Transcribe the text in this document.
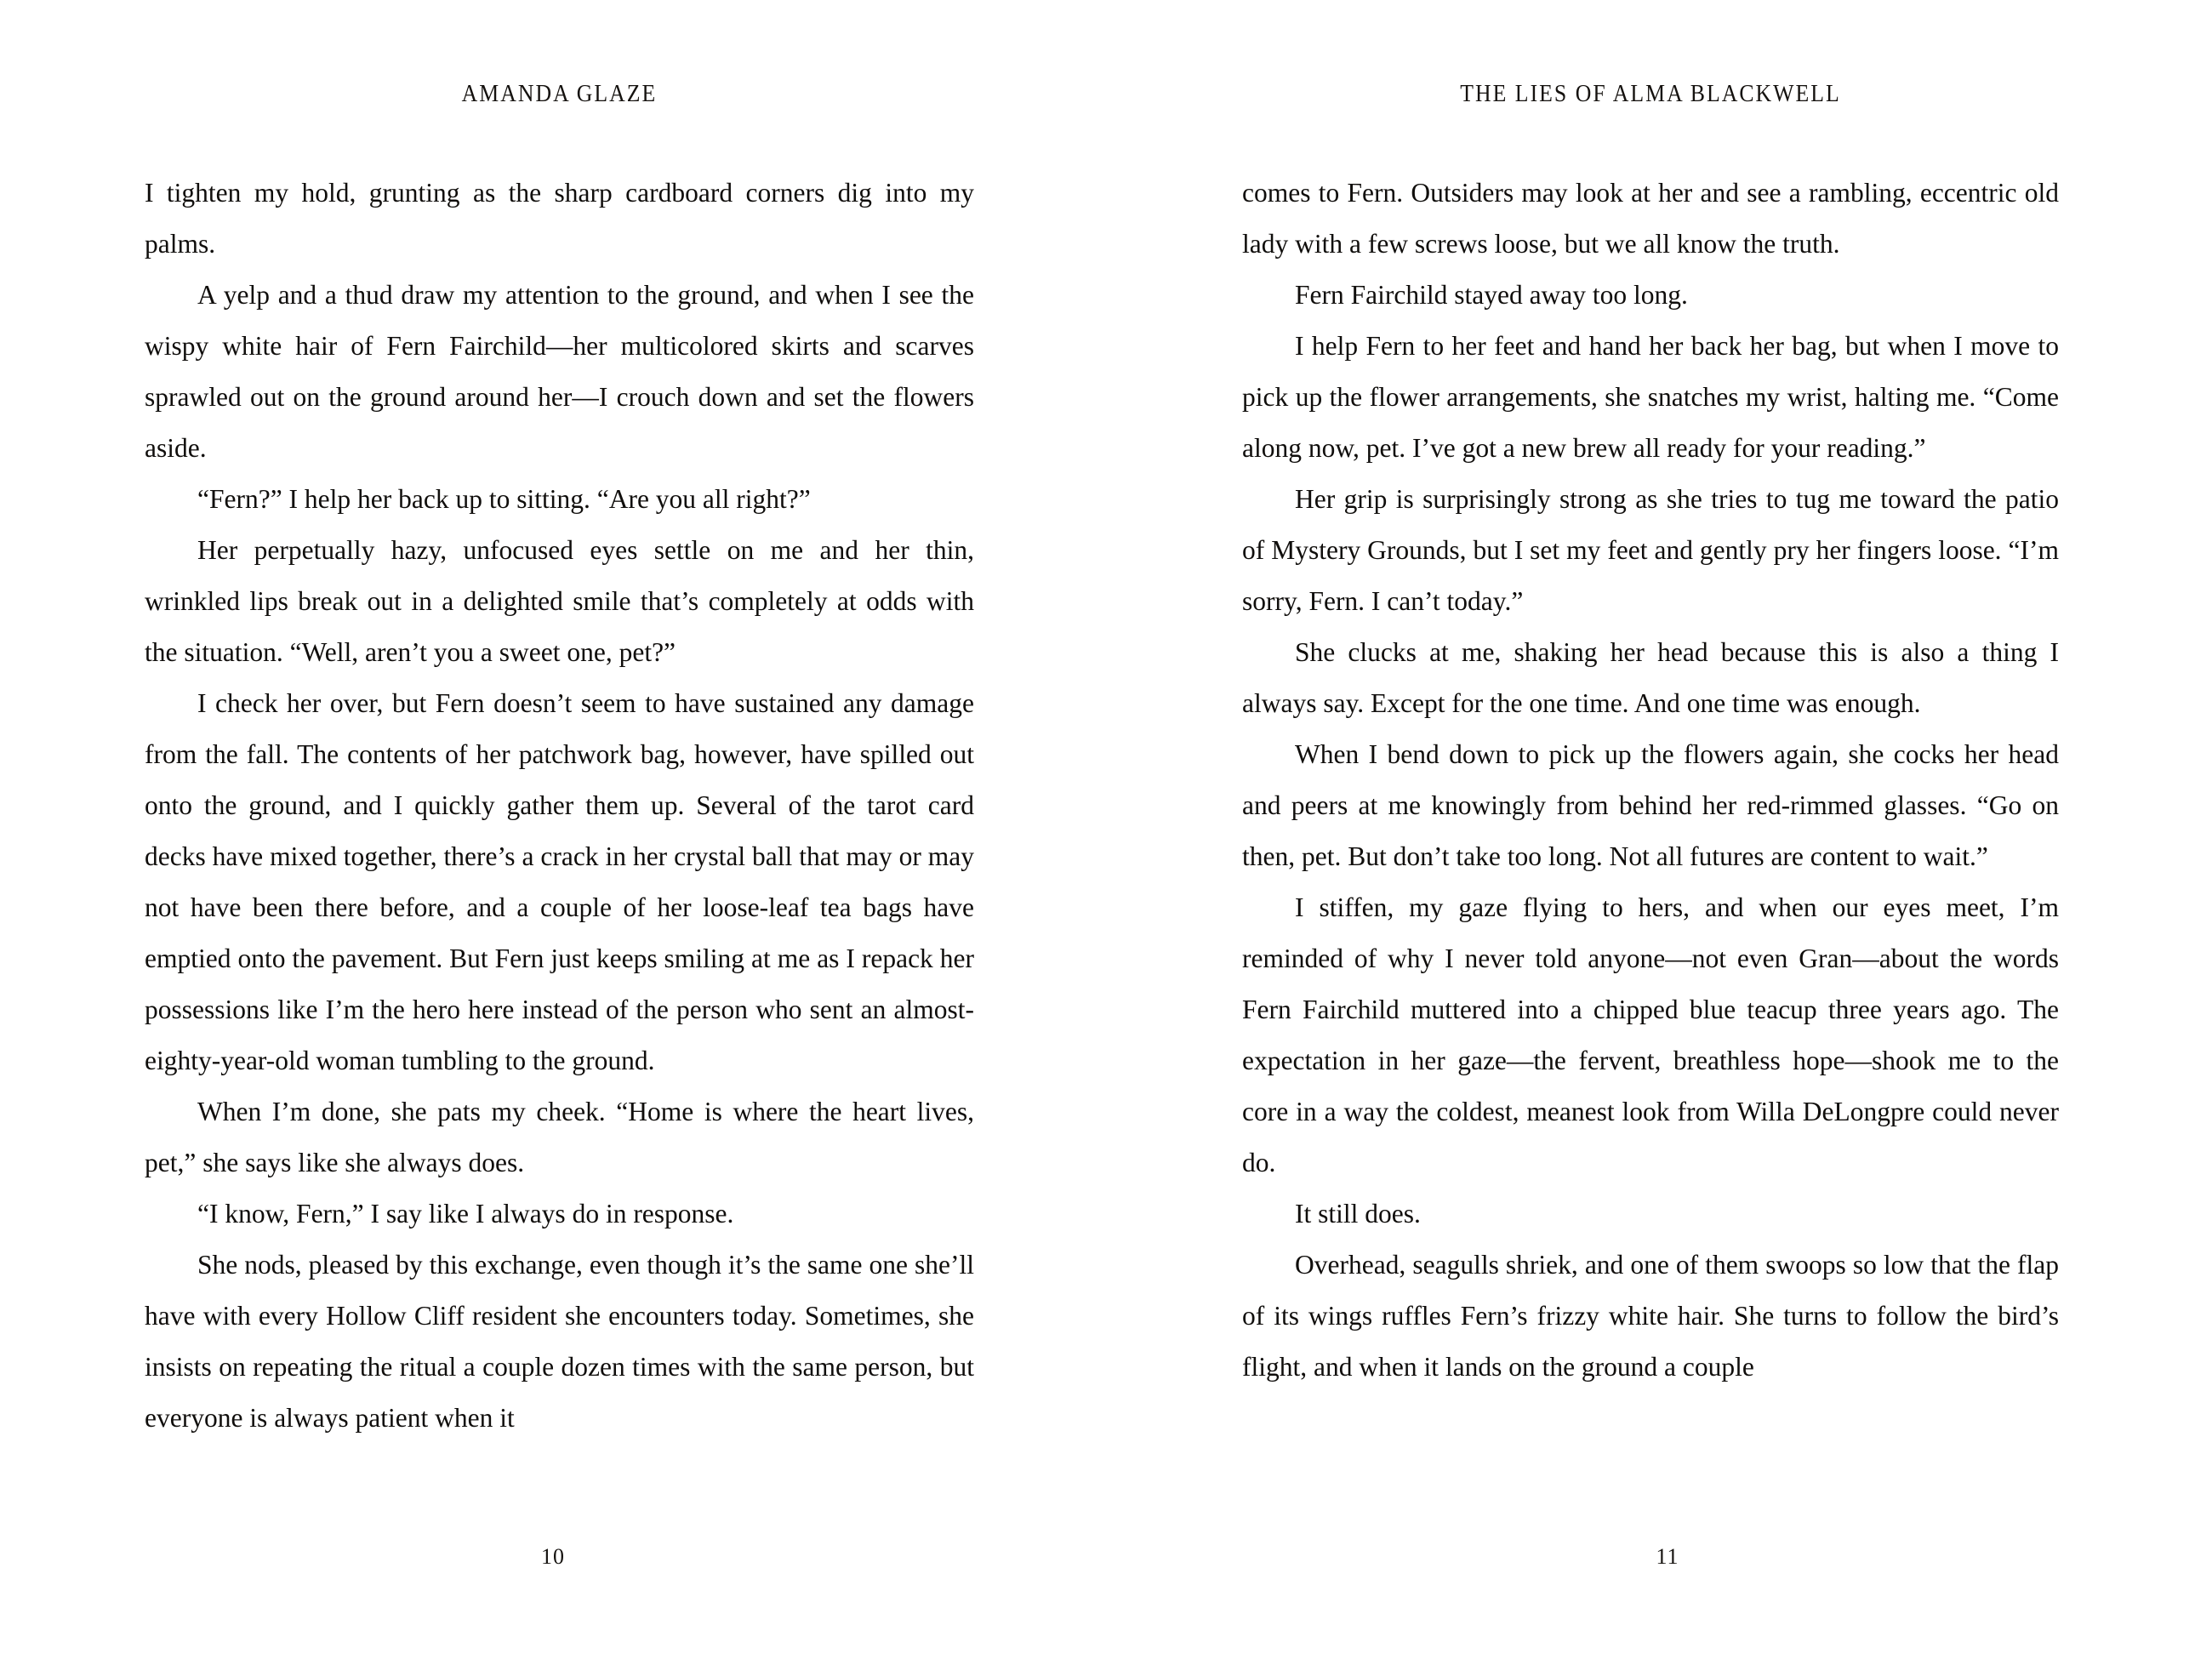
AMANDA GLAZE

I tighten my hold, grunting as the sharp cardboard corners dig into my palms.

A yelp and a thud draw my attention to the ground, and when I see the wispy white hair of Fern Fairchild—her multicolored skirts and scarves sprawled out on the ground around her—I crouch down and set the flowers aside.

“Fern?” I help her back up to sitting. “Are you all right?”

Her perpetually hazy, unfocused eyes settle on me and her thin, wrinkled lips break out in a delighted smile that’s completely at odds with the situation. “Well, aren’t you a sweet one, pet?”

I check her over, but Fern doesn’t seem to have sustained any damage from the fall. The contents of her patchwork bag, however, have spilled out onto the ground, and I quickly gather them up. Several of the tarot card decks have mixed together, there’s a crack in her crystal ball that may or may not have been there before, and a couple of her loose-leaf tea bags have emptied onto the pavement. But Fern just keeps smiling at me as I repack her possessions like I’m the hero here instead of the person who sent an almost-eighty-year-old woman tumbling to the ground.

When I’m done, she pats my cheek. “Home is where the heart lives, pet,” she says like she always does.

“I know, Fern,” I say like I always do in response.

She nods, pleased by this exchange, even though it’s the same one she’ll have with every Hollow Cliff resident she encounters today. Sometimes, she insists on repeating the ritual a couple dozen times with the same person, but everyone is always patient when it

10
THE LIES OF ALMA BLACKWELL

comes to Fern. Outsiders may look at her and see a rambling, eccentric old lady with a few screws loose, but we all know the truth.

Fern Fairchild stayed away too long.

I help Fern to her feet and hand her back her bag, but when I move to pick up the flower arrangements, she snatches my wrist, halting me. “Come along now, pet. I’ve got a new brew all ready for your reading.”

Her grip is surprisingly strong as she tries to tug me toward the patio of Mystery Grounds, but I set my feet and gently pry her fingers loose. “I’m sorry, Fern. I can’t today.”

She clucks at me, shaking her head because this is also a thing I always say. Except for the one time. And one time was enough.

When I bend down to pick up the flowers again, she cocks her head and peers at me knowingly from behind her red-rimmed glasses. “Go on then, pet. But don’t take too long. Not all futures are content to wait.”

I stiffen, my gaze flying to hers, and when our eyes meet, I’m reminded of why I never told anyone—not even Gran—about the words Fern Fairchild muttered into a chipped blue teacup three years ago. The expectation in her gaze—the fervent, breathless hope—shook me to the core in a way the coldest, meanest look from Willa DeLongpre could never do.

It still does.

Overhead, seagulls shriek, and one of them swoops so low that the flap of its wings ruffles Fern’s frizzy white hair. She turns to follow the bird’s flight, and when it lands on the ground a couple

11
